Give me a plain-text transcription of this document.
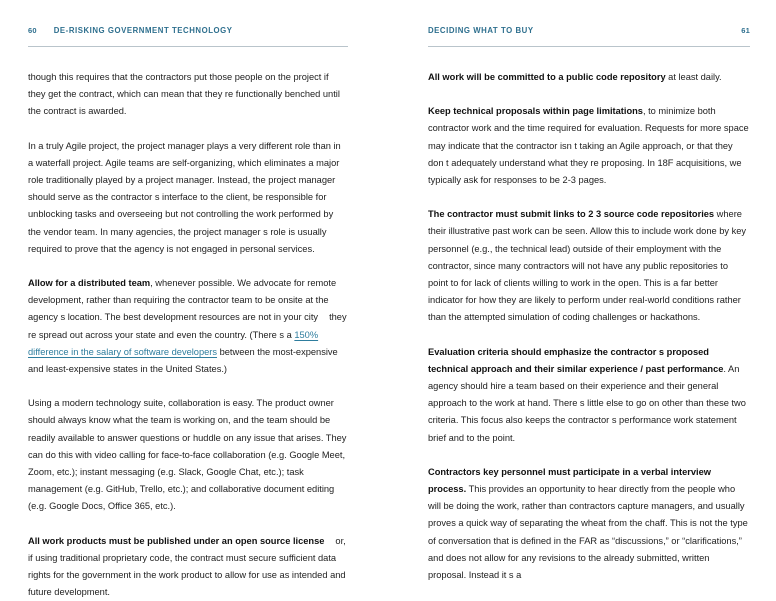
60 DE-RISKING GOVERNMENT TECHNOLOGY

though this requires that the contractors put those people on the project if they get the contract, which can mean that they re functionally benched until the contract is awarded.

In a truly Agile project, the project manager plays a very different role than in a waterfall project. Agile teams are self-organizing, which eliminates a major role traditionally played by a project manager. Instead, the project manager should serve as the contractor s interface to the client, be responsible for unblocking tasks and overseeing but not controlling the work performed by the vendor team. In many agencies, the project manager s role is usually required to prove that the agency is not engaged in personal services.

Allow for a distributed team, whenever possible. We advocate for remote development, rather than requiring the contractor team to be onsite at the agency s location. The best development resources are not in your city they re spread out across your state and even the country. (There s a 150% difference in the salary of software developers between the most-expensive and least-expensive states in the United States.)

Using a modern technology suite, collaboration is easy. The product owner should always know what the team is working on, and the team should be readily available to answer questions or huddle on any issue that arises. They can do this with video calling for face-to-face collaboration (e.g. Google Meet, Zoom, etc.); instant messaging (e.g. Slack, Google Chat, etc.); task management (e.g. GitHub, Trello, etc.); and collaborative document editing (e.g. Google Docs, Office 365, etc.).

All work products must be published under an open source license or, if using traditional proprietary code, the contract must secure sufficient data rights for the government in the work product to allow for use as intended and future development.

DECIDING WHAT TO BUY	61

All work will be committed to a public code repository at least daily.

Keep technical proposals within page limitations, to minimize both contractor work and the time required for evaluation. Requests for more space may indicate that the contractor isn t taking an Agile approach, or that they don t adequately understand what they re proposing. In 18F acquisitions, we typically ask for responses to be 2-3 pages.

The contractor must submit links to 2 3 source code repositories where their illustrative past work can be seen. Allow this to include work done by key personnel (e.g., the technical lead) outside of their employment with the contractor, since many contractors will not have any public repositories to point to for lack of clients willing to work in the open. This is a far better indicator for how they are likely to perform under real-world conditions rather than the attempted simulation of coding challenges or hackathons.

Evaluation criteria should emphasize the contractor s proposed technical approach and their similar experience / past performance. An agency should hire a team based on their experience and their general approach to the work at hand. There s little else to go on other than these two criteria. This focus also keeps the contractor s performance work statement brief and to the point.

Contractors key personnel must participate in a verbal interview process. This provides an opportunity to hear directly from the people who will be doing the work, rather than contractors capture managers, and usually proves a quick way of separating the wheat from the chaff. This is not the type of conversation that is defined in the FAR as “discussions,” or “clarifications,” and does not allow for any revisions to the already submitted, written proposal. Instead it s a
